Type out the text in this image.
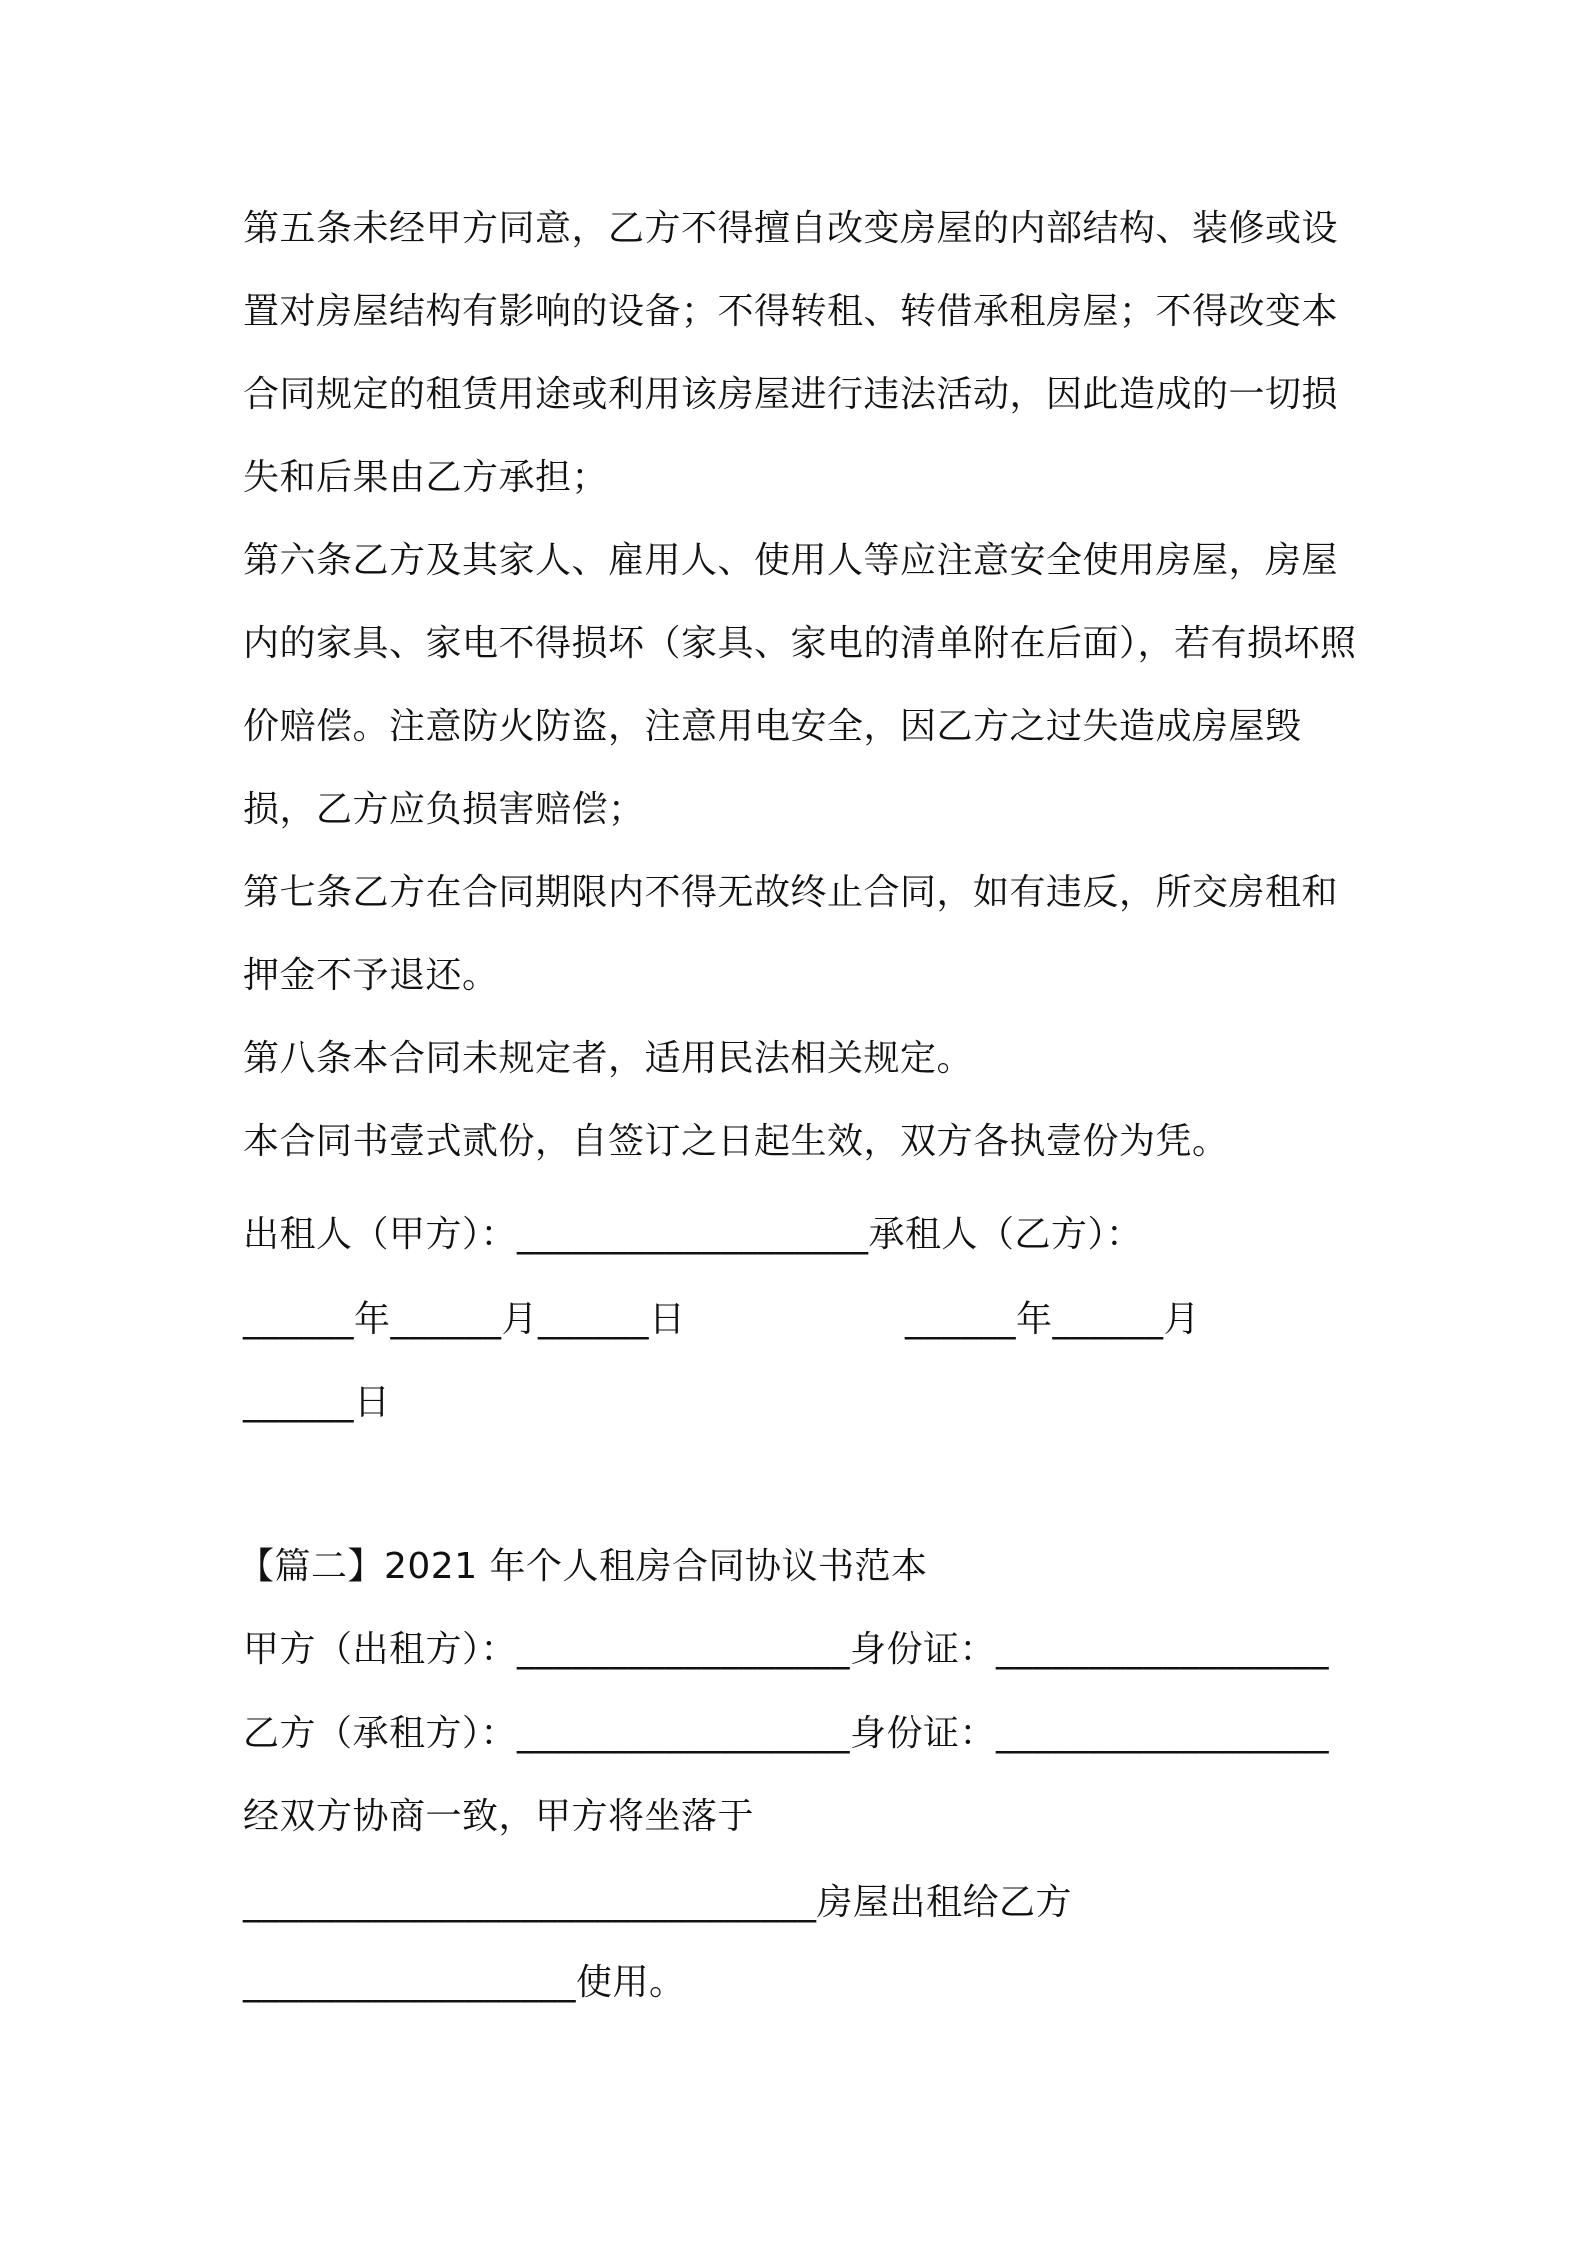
第五条未经甲方同意，乙方不得擅自改变房屋的内部结构、装修或设置对房屋结构有影响的设备；不得转租、转借承租房屋；不得改变本合同规定的租赁用途或利用该房屋进行违法活动，因此造成的一切损失和后果由乙方承担；

第六条乙方及其家人、雇用人、使用人等应注意安全使用房屋，房屋内的家具、家电不得损坏（家具、家电的清单附在后面），若有损坏照价赔偿。注意防火防盗，注意用电安全，因乙方之过失造成房屋毁损，乙方应负损害赔偿；

第七条乙方在合同期限内不得无故终止合同，如有违反，所交房租和押金不予退还。

第八条本合同未规定者，适用民法相关规定。

本合同书壹式贰份，自签订之日起生效，双方各执壹份为凭。

出租人（甲方）：___________________承租人（乙方）：
______年______月______日	______年______月
______日
【篇二】2021 年个人租房合同协议书范本
甲方（出租方）：__________________身份证：__________________
乙方（承租方）：__________________身份证：__________________
经双方协商一致，甲方将坐落于
_______________________________房屋出租给乙方
__________________使用。
